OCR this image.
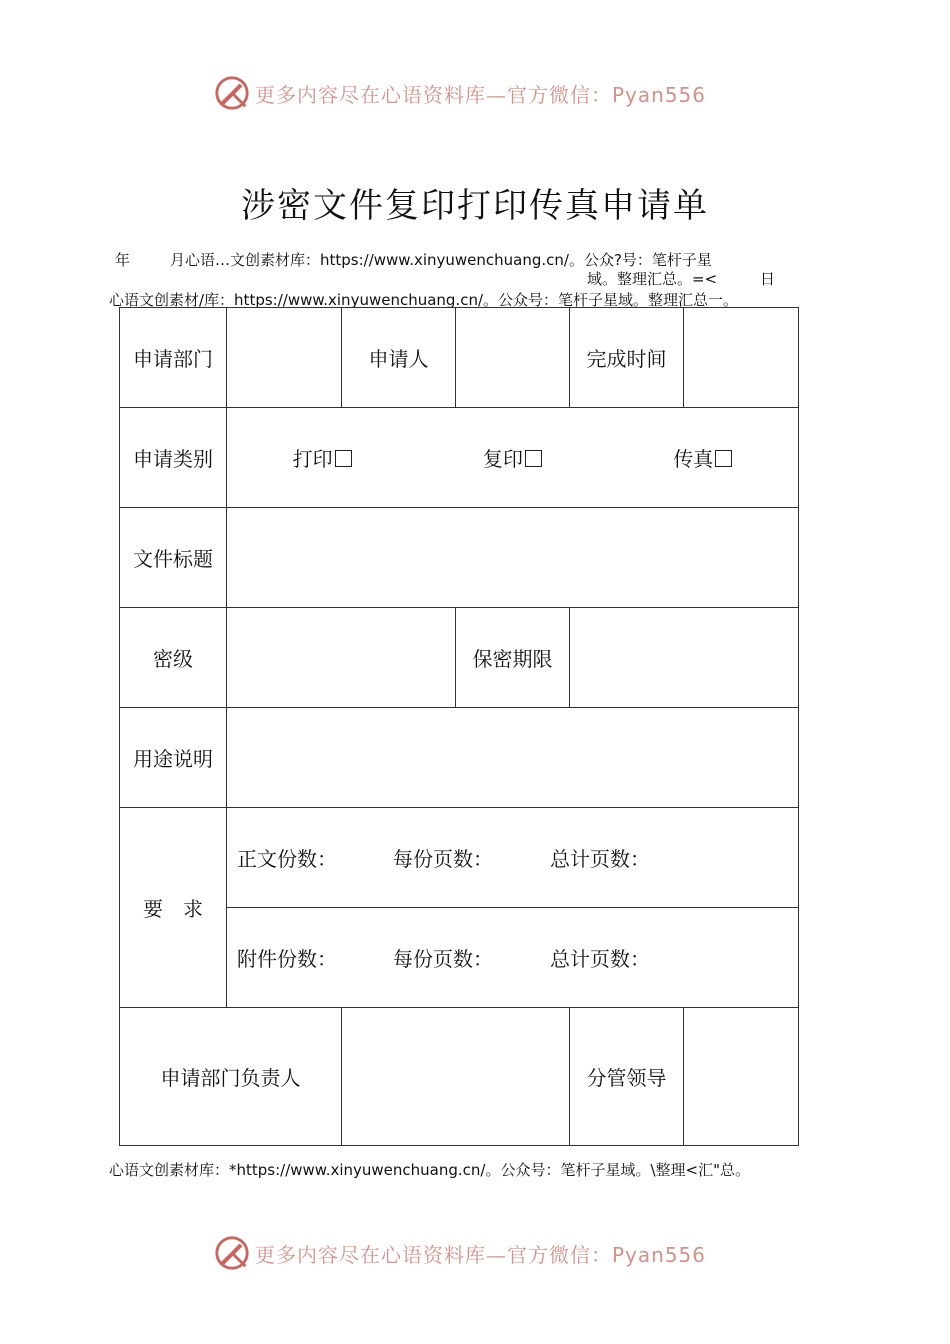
更多内容尽在心语资料库—官方微信：Pyan556
涉密文件复印打印传真申请单
年	月心语…文创素材库：https://www.xinyuwenchuang.cn/。公众?号：笔杆子星
域。整理汇总。=<	日
心语文创素材/库：https://www.xinyuwenchuang.cn/。公众号：笔杆子星域。整理汇总一。
申请部门		申请人		完成时间	
申请类别	打印 复印 传真				

文件标题					
密级			保密期限		
用途说明					
要　求	正文份数： 每份页数： 总计页数：				

	附件份数： 每份页数： 总计页数：				

申请部门负责人				分管领导	
心语文创素材库：*https://www.xinyuwenchuang.cn/。公众号：笔杆子星域。\整理<汇"总。
更多内容尽在心语资料库—官方微信：Pyan556
